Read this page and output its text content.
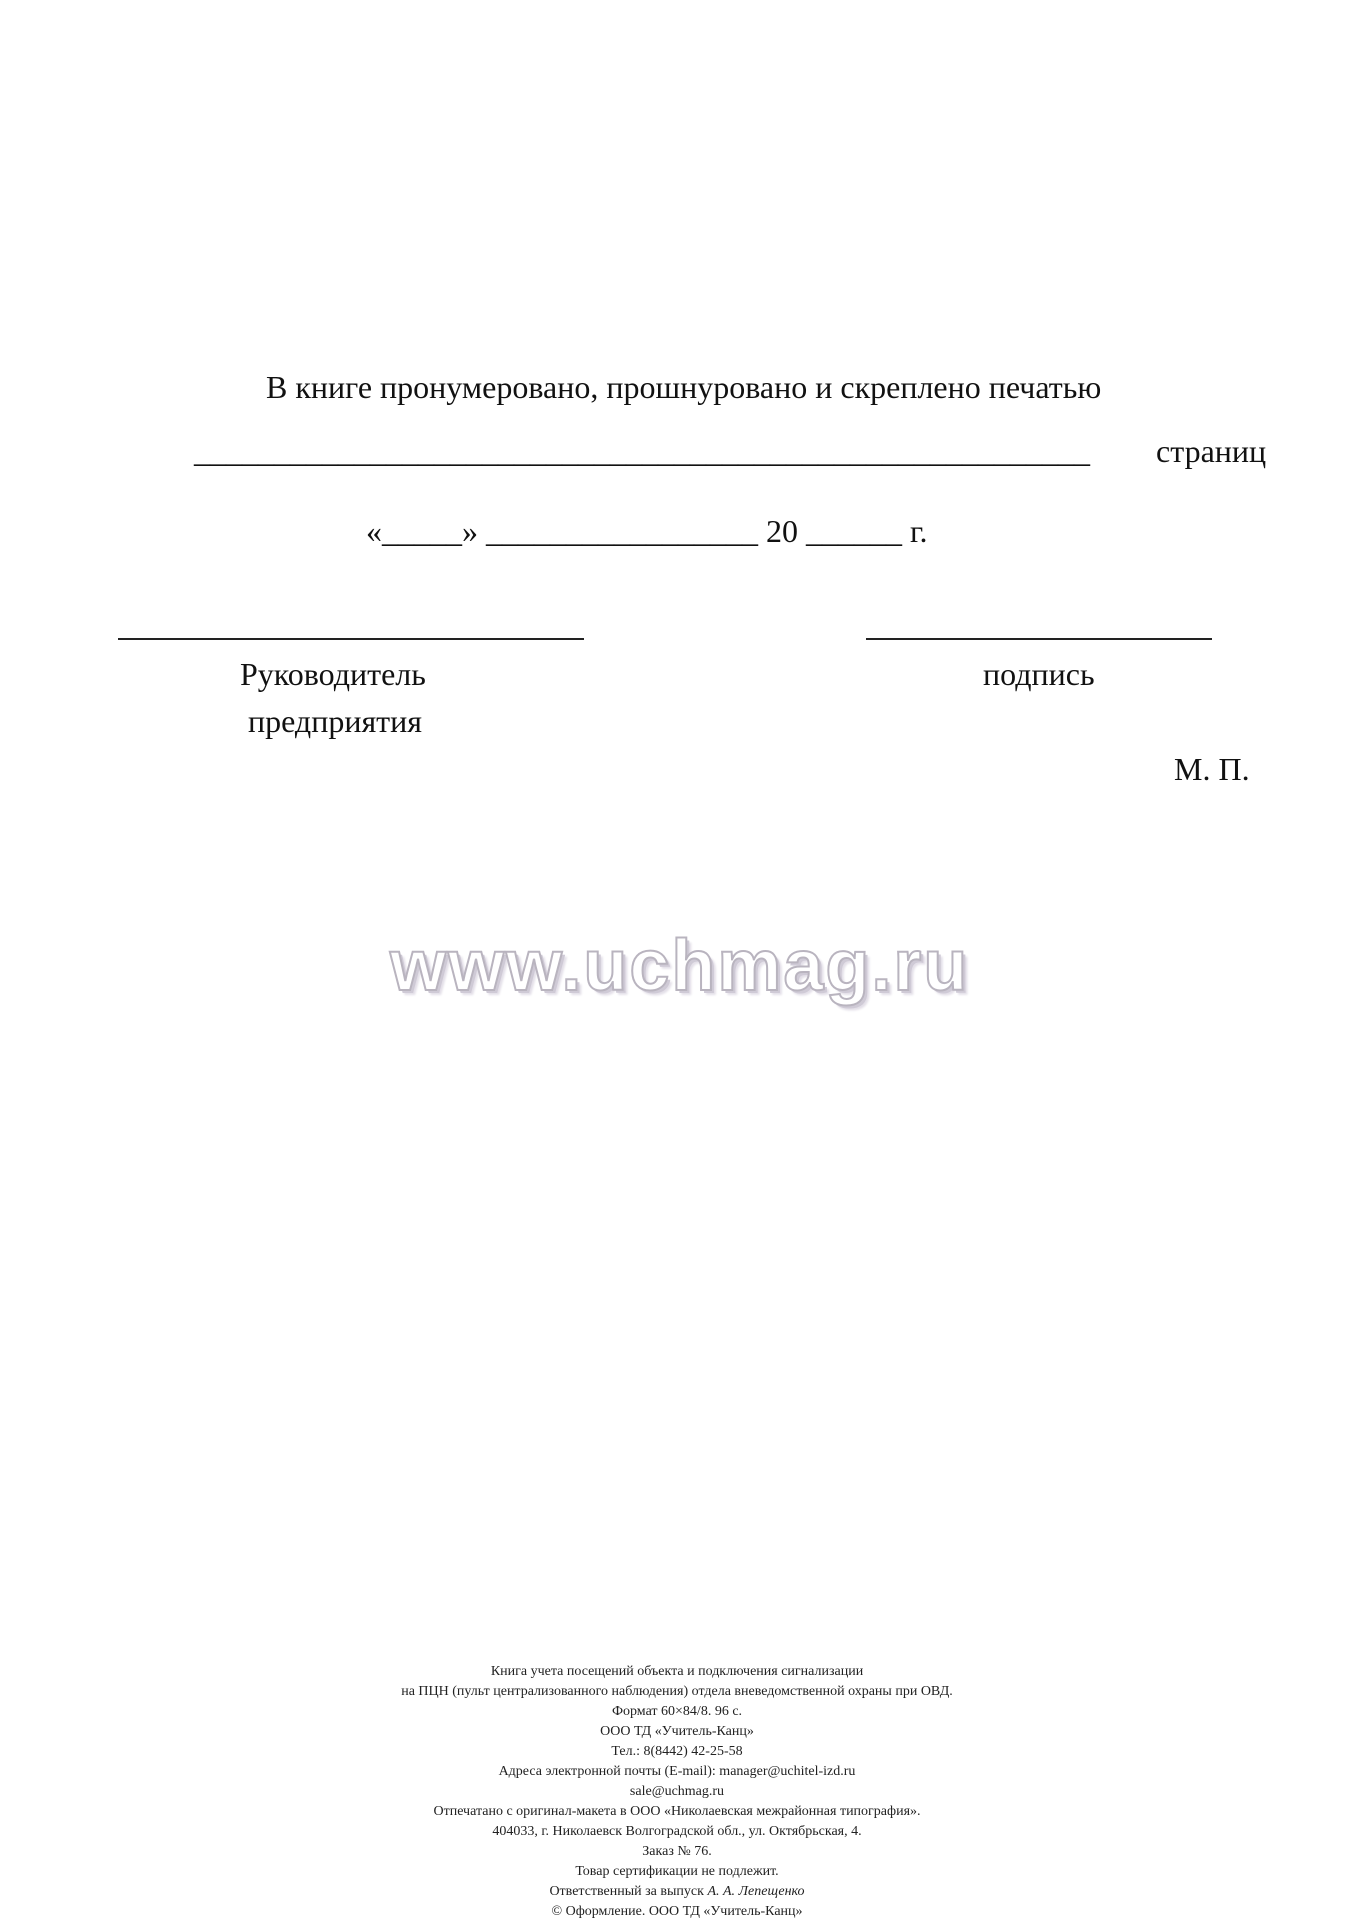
В книге пронумеровано, прошнуровано и скреплено печатью
________________________________________________________ страниц
«_____» _________________ 20 ______ г.
Руководитель
предприятия
подпись
М. П.
www.uchmag.ru
Книга учета посещений объекта и подключения сигнализации
на ПЦН (пульт централизованного наблюдения) отдела вневедомственной охраны при ОВД.
Формат 60×84/8. 96 с.
ООО ТД «Учитель-Канц»
Тел.: 8(8442) 42-25-58
Адреса электронной почты (E-mail): manager@uchitel-izd.ru
sale@uchmag.ru
Отпечатано с оригинал-макета в ООО «Николаевская межрайонная типография».
404033, г. Николаевск Волгоградской обл., ул. Октябрьская, 4.
Заказ № 76.
Товар сертификации не подлежит.
Ответственный за выпуск А. А. Лепещенко
© Оформление. ООО ТД «Учитель-Канц»
